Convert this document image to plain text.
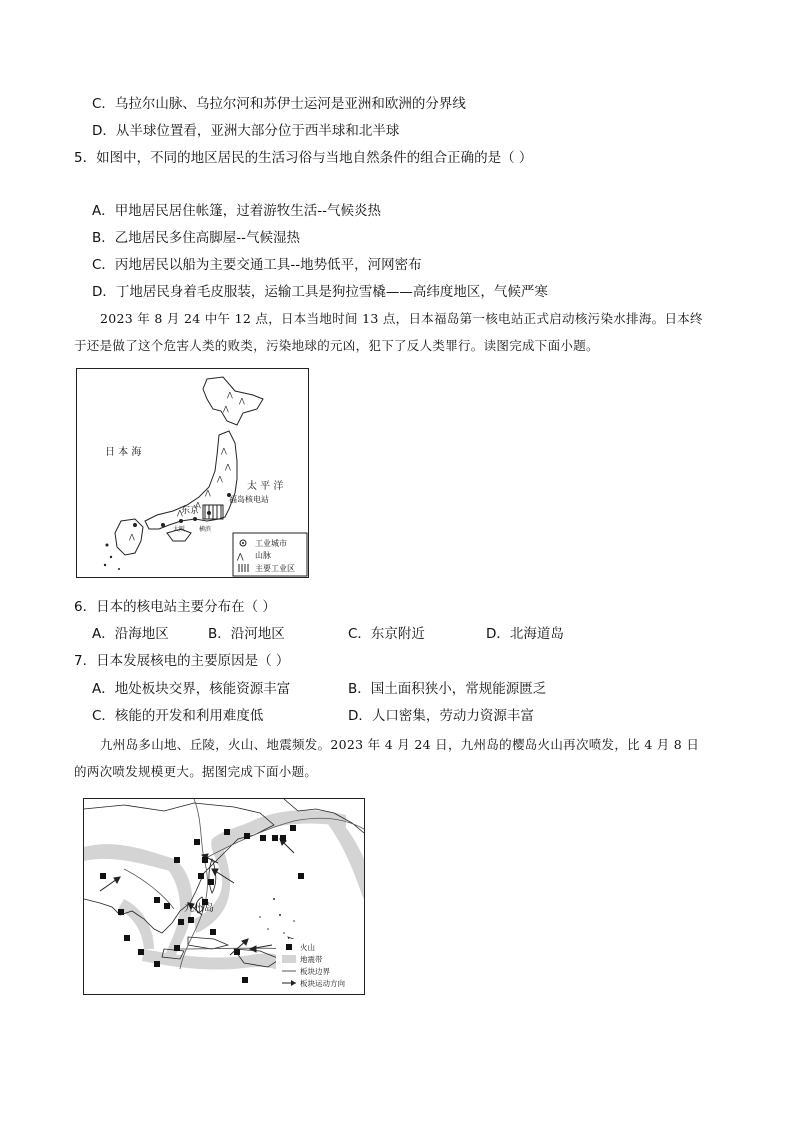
C．乌拉尔山脉、乌拉尔河和苏伊士运河是亚洲和欧洲的分界线
D．从半球位置看，亚洲大部分位于西半球和北半球
5．如图中，不同的地区居民的生活习俗与当地自然条件的组合正确的是（ ）
A．甲地居民居住帐篷，过着游牧生活--气候炎热
B．乙地居民多住高脚屋--气候湿热
C．丙地居民以船为主要交通工具--地势低平，河网密布
D．丁地居民身着毛皮服装，运输工具是狗拉雪橇——高纬度地区，气候严寒
2023 年 8 月 24 中午 12 点，日本当地时间 13 点，日本福岛第一核电站正式启动核污染水排海。日本终
于还是做了这个危害人类的败类，污染地球的元凶，犯下了反人类罪行。读图完成下面小题。
⋀
⋀
⋀
⋀
⋀
⋀
⋀
⋀
⋀
⋀
日 本 海
太 平 洋
福岛核电站
东京
横滨
大阪
工业城市
⋀ 山脉
主要工业区
6．日本的核电站主要分布在（ ）
A．沿海地区	B．沿河地区	C．东京附近	D．北海道岛
7．日本发展核电的主要原因是（ ）
A．地处板块交界，核能资源丰富	B．国土面积狭小，常规能源匮乏
C．核能的开发和利用难度低	D．人口密集，劳动力资源丰富
九州岛多山地、丘陵，火山、地震频发。2023 年 4 月 24 日，九州岛的樱岛火山再次喷发，比 4 月 8 日
的两次喷发规模更大。据图完成下面小题。
九州岛
火山
地震带
板块边界
板块运动方向
